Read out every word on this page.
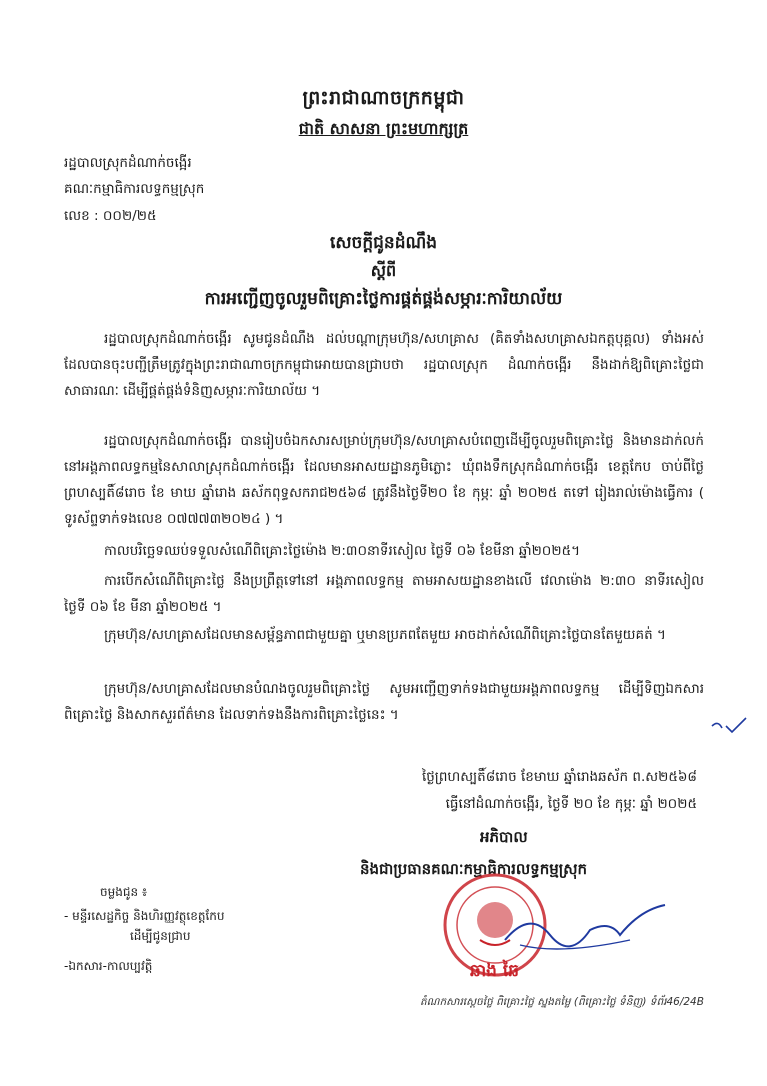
ព្រះរាជាណាចក្រកម្ពុជា
ជាតិ សាសនា ព្រះមហាក្សត្រ
រដ្ឋបាលស្រុកដំណាក់ចង្អើរ
គណៈកម្មាធិការលទ្ធកម្មស្រុក
លេខ : ០០២/២៥
សេចក្តីជូនដំណឹង
ស្តីពី
ការអញ្ជើញចូលរួមពិគ្រោះថ្លៃការផ្គត់ផ្គង់សម្ភារៈការិយាល័យ
រដ្ឋបាលស្រុកដំណាក់ចង្អើរ សូមជូនដំណឹង ដល់បណ្តាក្រុមហ៊ុន/សហគ្រាស (គិតទាំងសហគ្រាសឯកត្តបុគ្គល) ទាំងអស់ ដែលបានចុះបញ្ជីត្រឹមត្រូវក្នុងព្រះរាជាណាចក្រកម្ពុជាអោយបានជ្រាបថា រដ្ឋបាលស្រុក ដំណាក់ចង្អើរ នឹងដាក់ឱ្យពិគ្រោះថ្លៃជាសាធារណៈ ដើម្បីផ្គត់ផ្គង់ទំនិញសម្ភារៈការិយាល័យ ។
រដ្ឋបាលស្រុកដំណាក់ចង្អើរ បានរៀបចំឯកសារសម្រាប់ក្រុមហ៊ុន/សហគ្រាសបំពេញដើម្បីចូលរួមពិគ្រោះថ្លៃ និងមានដាក់លក់ នៅអង្គភាពលទ្ធកម្មនៃសាលាស្រុកដំណាក់ចង្អើរ ដែលមានអាសយដ្ឋានភូមិភ្លោះ ឃុំពងទឹកស្រុកដំណាក់ចង្អើរ ខេត្តកែប ចាប់ពីថ្ងៃព្រហស្បតិ៍៨រោច ខែ មាឃ ឆ្នាំរោង ឆស័កពុទ្ធសករាជ២៥៦៨ ត្រូវនឹងថ្ងៃទី២០ ខែ កុម្ភៈ ឆ្នាំ ២០២៥ តទៅ រៀងរាល់ម៉ោងធ្វើការ ( ទូរស័ព្ទទាក់ទងលេខ ០៧៧៧៣២០២៤ ) ។
កាលបរិច្ឆេទឈប់ទទួលសំណើពិគ្រោះថ្លៃម៉ោង ២:៣០នាទីរសៀល ថ្ងៃទី ០៦ ខែមីនា ឆ្នាំ២០២៥។
ការបើកសំណើពិគ្រោះថ្លៃ នឹងប្រព្រឹត្តទៅនៅ អង្គភាពលទ្ធកម្ម តាមអាសយដ្ឋានខាងលើ វេលាម៉ោង ២:៣០ នាទីរសៀល ថ្ងៃទី ០៦ ខែ មីនា ឆ្នាំ២០២៥ ។
ក្រុមហ៊ុន/សហគ្រាសដែលមានសម្ព័ន្ធភាពជាមួយគ្នា ឬមានប្រភពតែមួយ អាចដាក់សំណើពិគ្រោះថ្លៃបានតែមួយគត់ ។
ក្រុមហ៊ុន/សហគ្រាសដែលមានបំណងចូលរួមពិគ្រោះថ្លៃ សូមអញ្ជើញទាក់ទងជាមួយអង្គភាពលទ្ធកម្ម ដើម្បីទិញឯកសារពិគ្រោះថ្លៃ និងសាកសួរព័ត៌មាន ដែលទាក់ទងនឹងការពិគ្រោះថ្លៃនេះ ។
ថ្ងៃព្រហស្បតិ៍៨រោច ខែមាឃ ឆ្នាំរោងឆស័ក ព.ស២៥៦៨
ធ្វើនៅដំណាក់ចង្អើរ, ថ្ងៃទី ២០ ខែ កុម្ភៈ ឆ្នាំ ២០២៥
អភិបាល
និងជាប្រធានគណៈកម្មាធិការលទ្ធកម្មស្រុក
ឆាង ឆៃ
តំណកសារស្ដេចថ្លៃ ពិគ្រោះថ្លៃ ស្នងតម្លៃ (ពិគ្រោះថ្លៃ ទំនិញ) ទំព័រ46/24B
ចម្លងជូន ៖
- មន្ទីរសេដ្ឋកិច្ច និងហិរញ្ញវត្ថុខេត្តកែប
ដើម្បីជូនជ្រាប
-ឯកសារ-កាលប្បវត្តិ
